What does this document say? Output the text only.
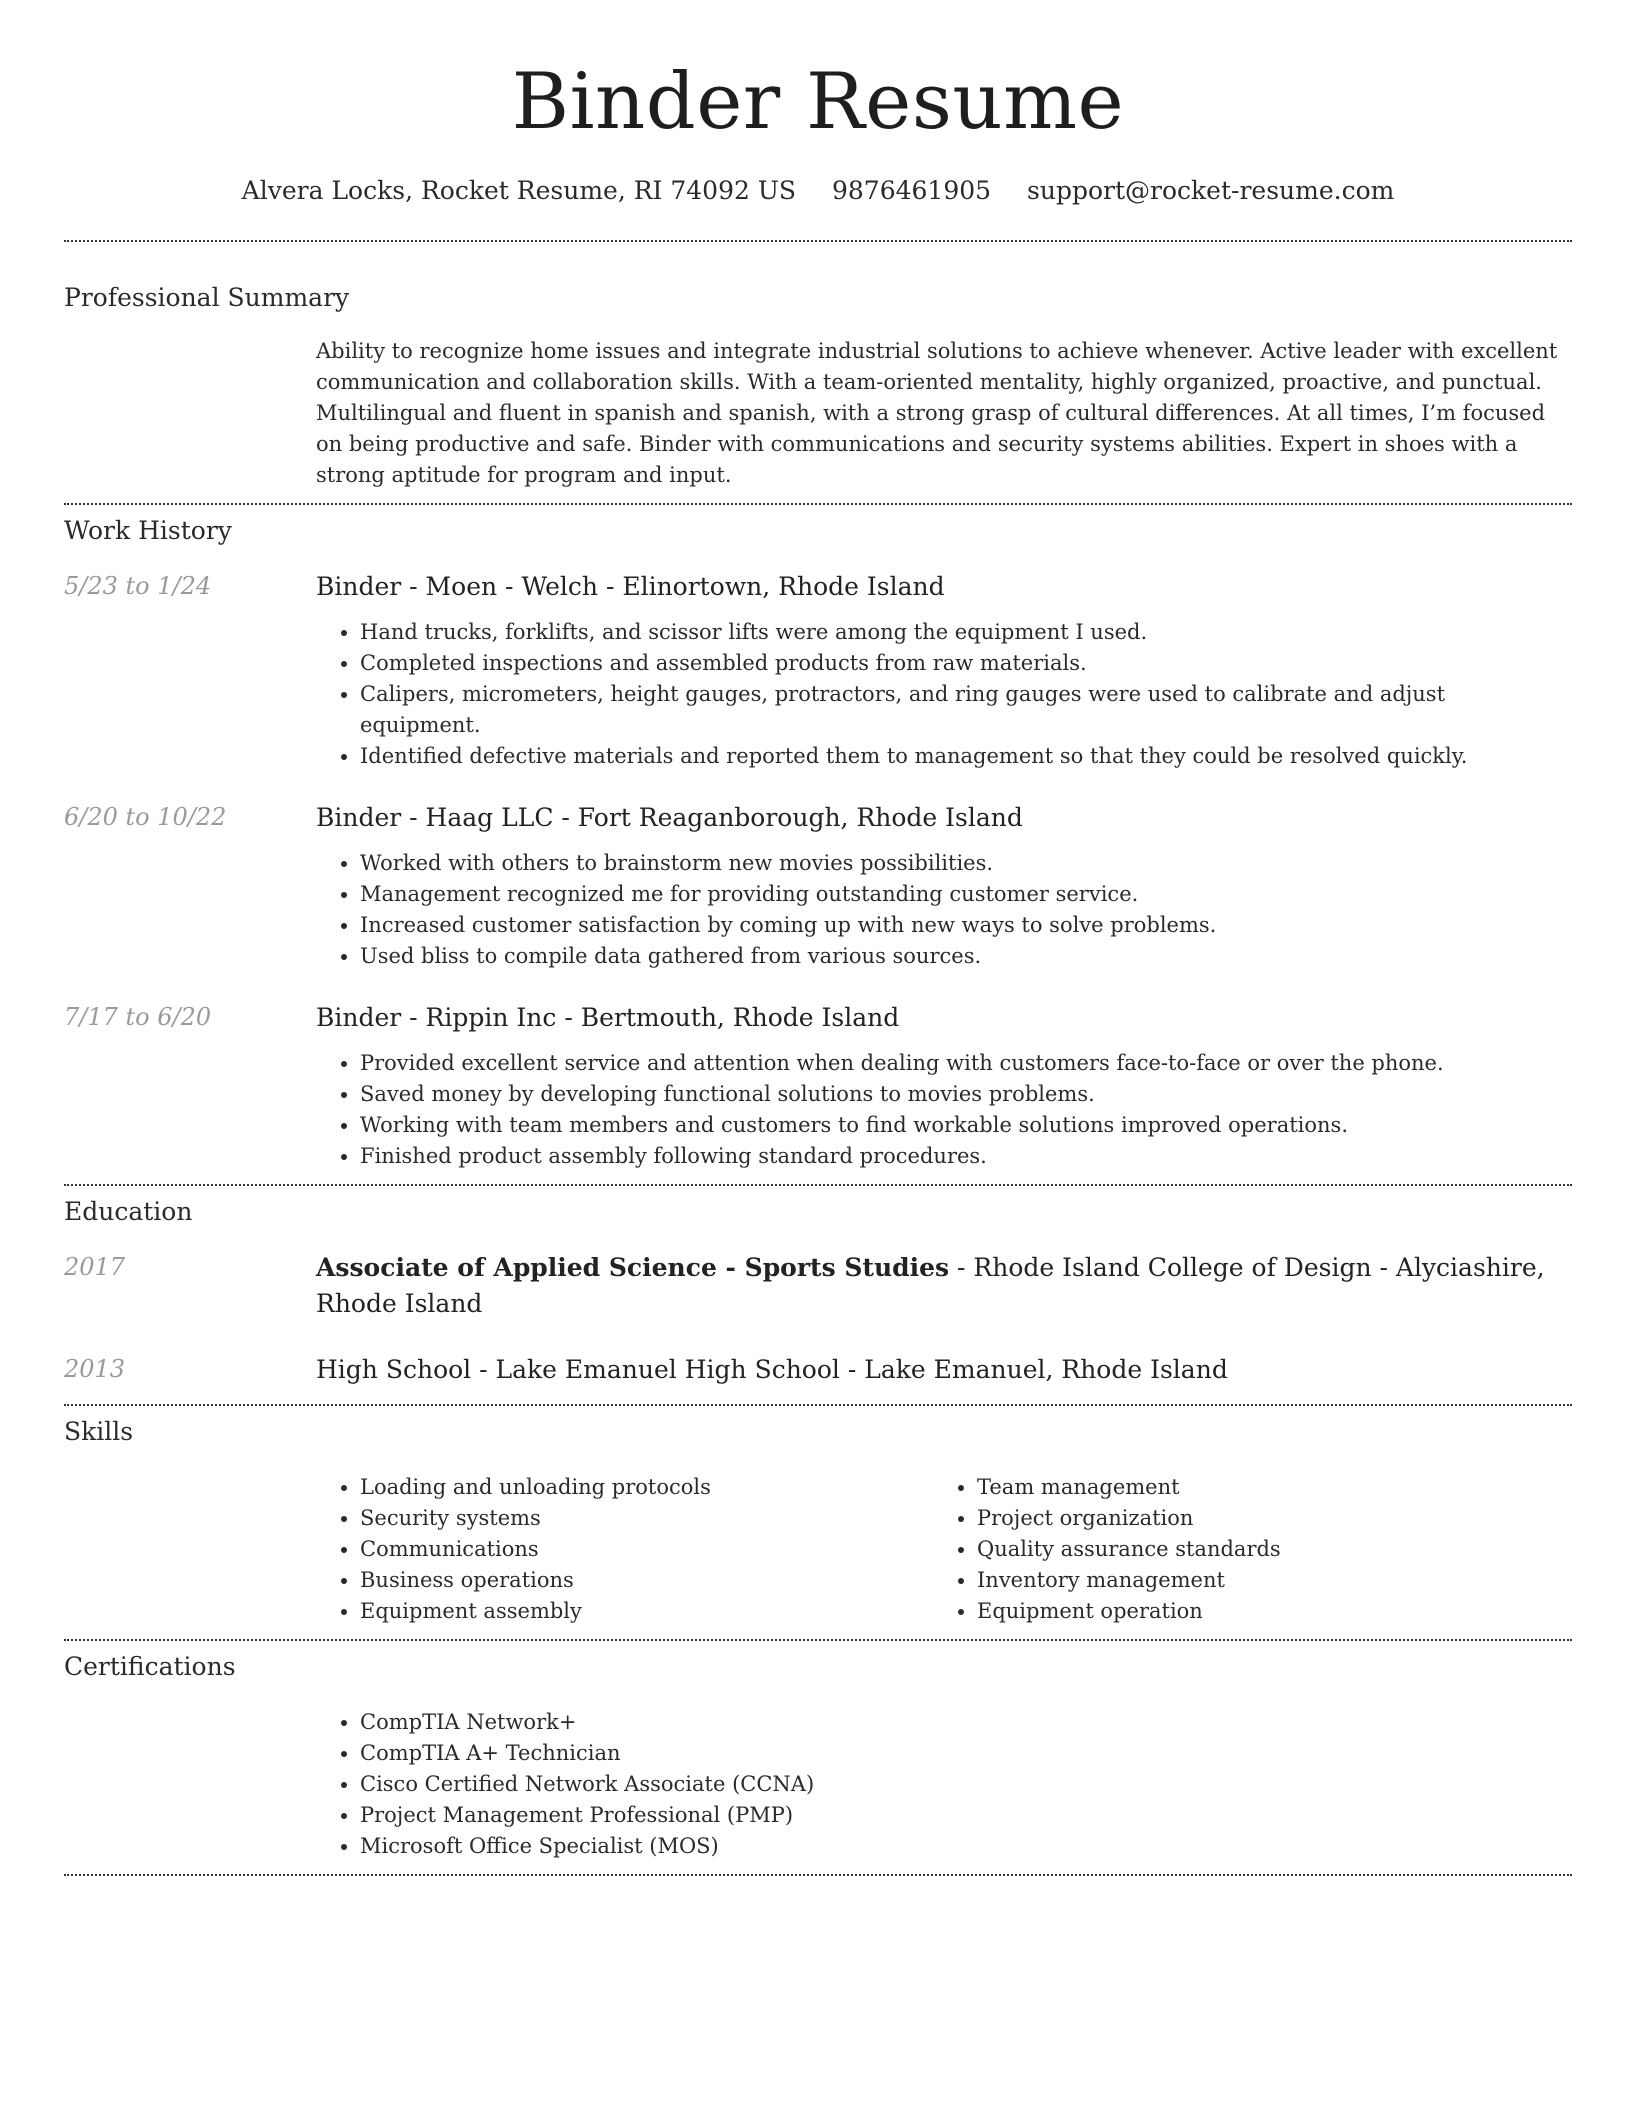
Binder Resume
Alvera Locks, Rocket Resume, RI 74092 US 9876461905 support@rocket-resume.com
Professional Summary

Ability to recognize home issues and integrate industrial solutions to achieve whenever. Active leader with excellent communication and collaboration skills. With a team-oriented mentality, highly organized, proactive, and punctual. Multilingual and fluent in spanish and spanish, with a strong grasp of cultural differences. At all times, I’m focused on being productive and safe. Binder with communications and security systems abilities. Expert in shoes with a strong aptitude for program and input.

Work History
5/23 to 1/24	Binder - Moen - Welch - Elinortown, Rhode Island
• Hand trucks, forklifts, and scissor lifts were among the equipment I used.
• Completed inspections and assembled products from raw materials.
• Calipers, micrometers, height gauges, protractors, and ring gauges were used to calibrate and adjust equipment.
• Identified defective materials and reported them to management so that they could be resolved quickly.
6/20 to 10/22	Binder - Haag LLC - Fort Reaganborough, Rhode Island
• Worked with others to brainstorm new movies possibilities.
• Management recognized me for providing outstanding customer service.
• Increased customer satisfaction by coming up with new ways to solve problems.
• Used bliss to compile data gathered from various sources.
7/17 to 6/20	Binder - Rippin Inc - Bertmouth, Rhode Island
• Provided excellent service and attention when dealing with customers face-to-face or over the phone.
• Saved money by developing functional solutions to movies problems.
• Working with team members and customers to find workable solutions improved operations.
• Finished product assembly following standard procedures.
Education
2017	Associate of Applied Science - Sports Studies - Rhode Island College of Design - Alyciashire, Rhode Island
2013	High School - Lake Emanuel High School - Lake Emanuel, Rhode Island
Skills
• Loading and unloading protocols
• Security systems
• Communications
• Business operations
• Equipment assembly
• Team management
• Project organization
• Quality assurance standards
• Inventory management
• Equipment operation
Certifications
• CompTIA Network+
• CompTIA A+ Technician
• Cisco Certified Network Associate (CCNA)
• Project Management Professional (PMP)
• Microsoft Office Specialist (MOS)
